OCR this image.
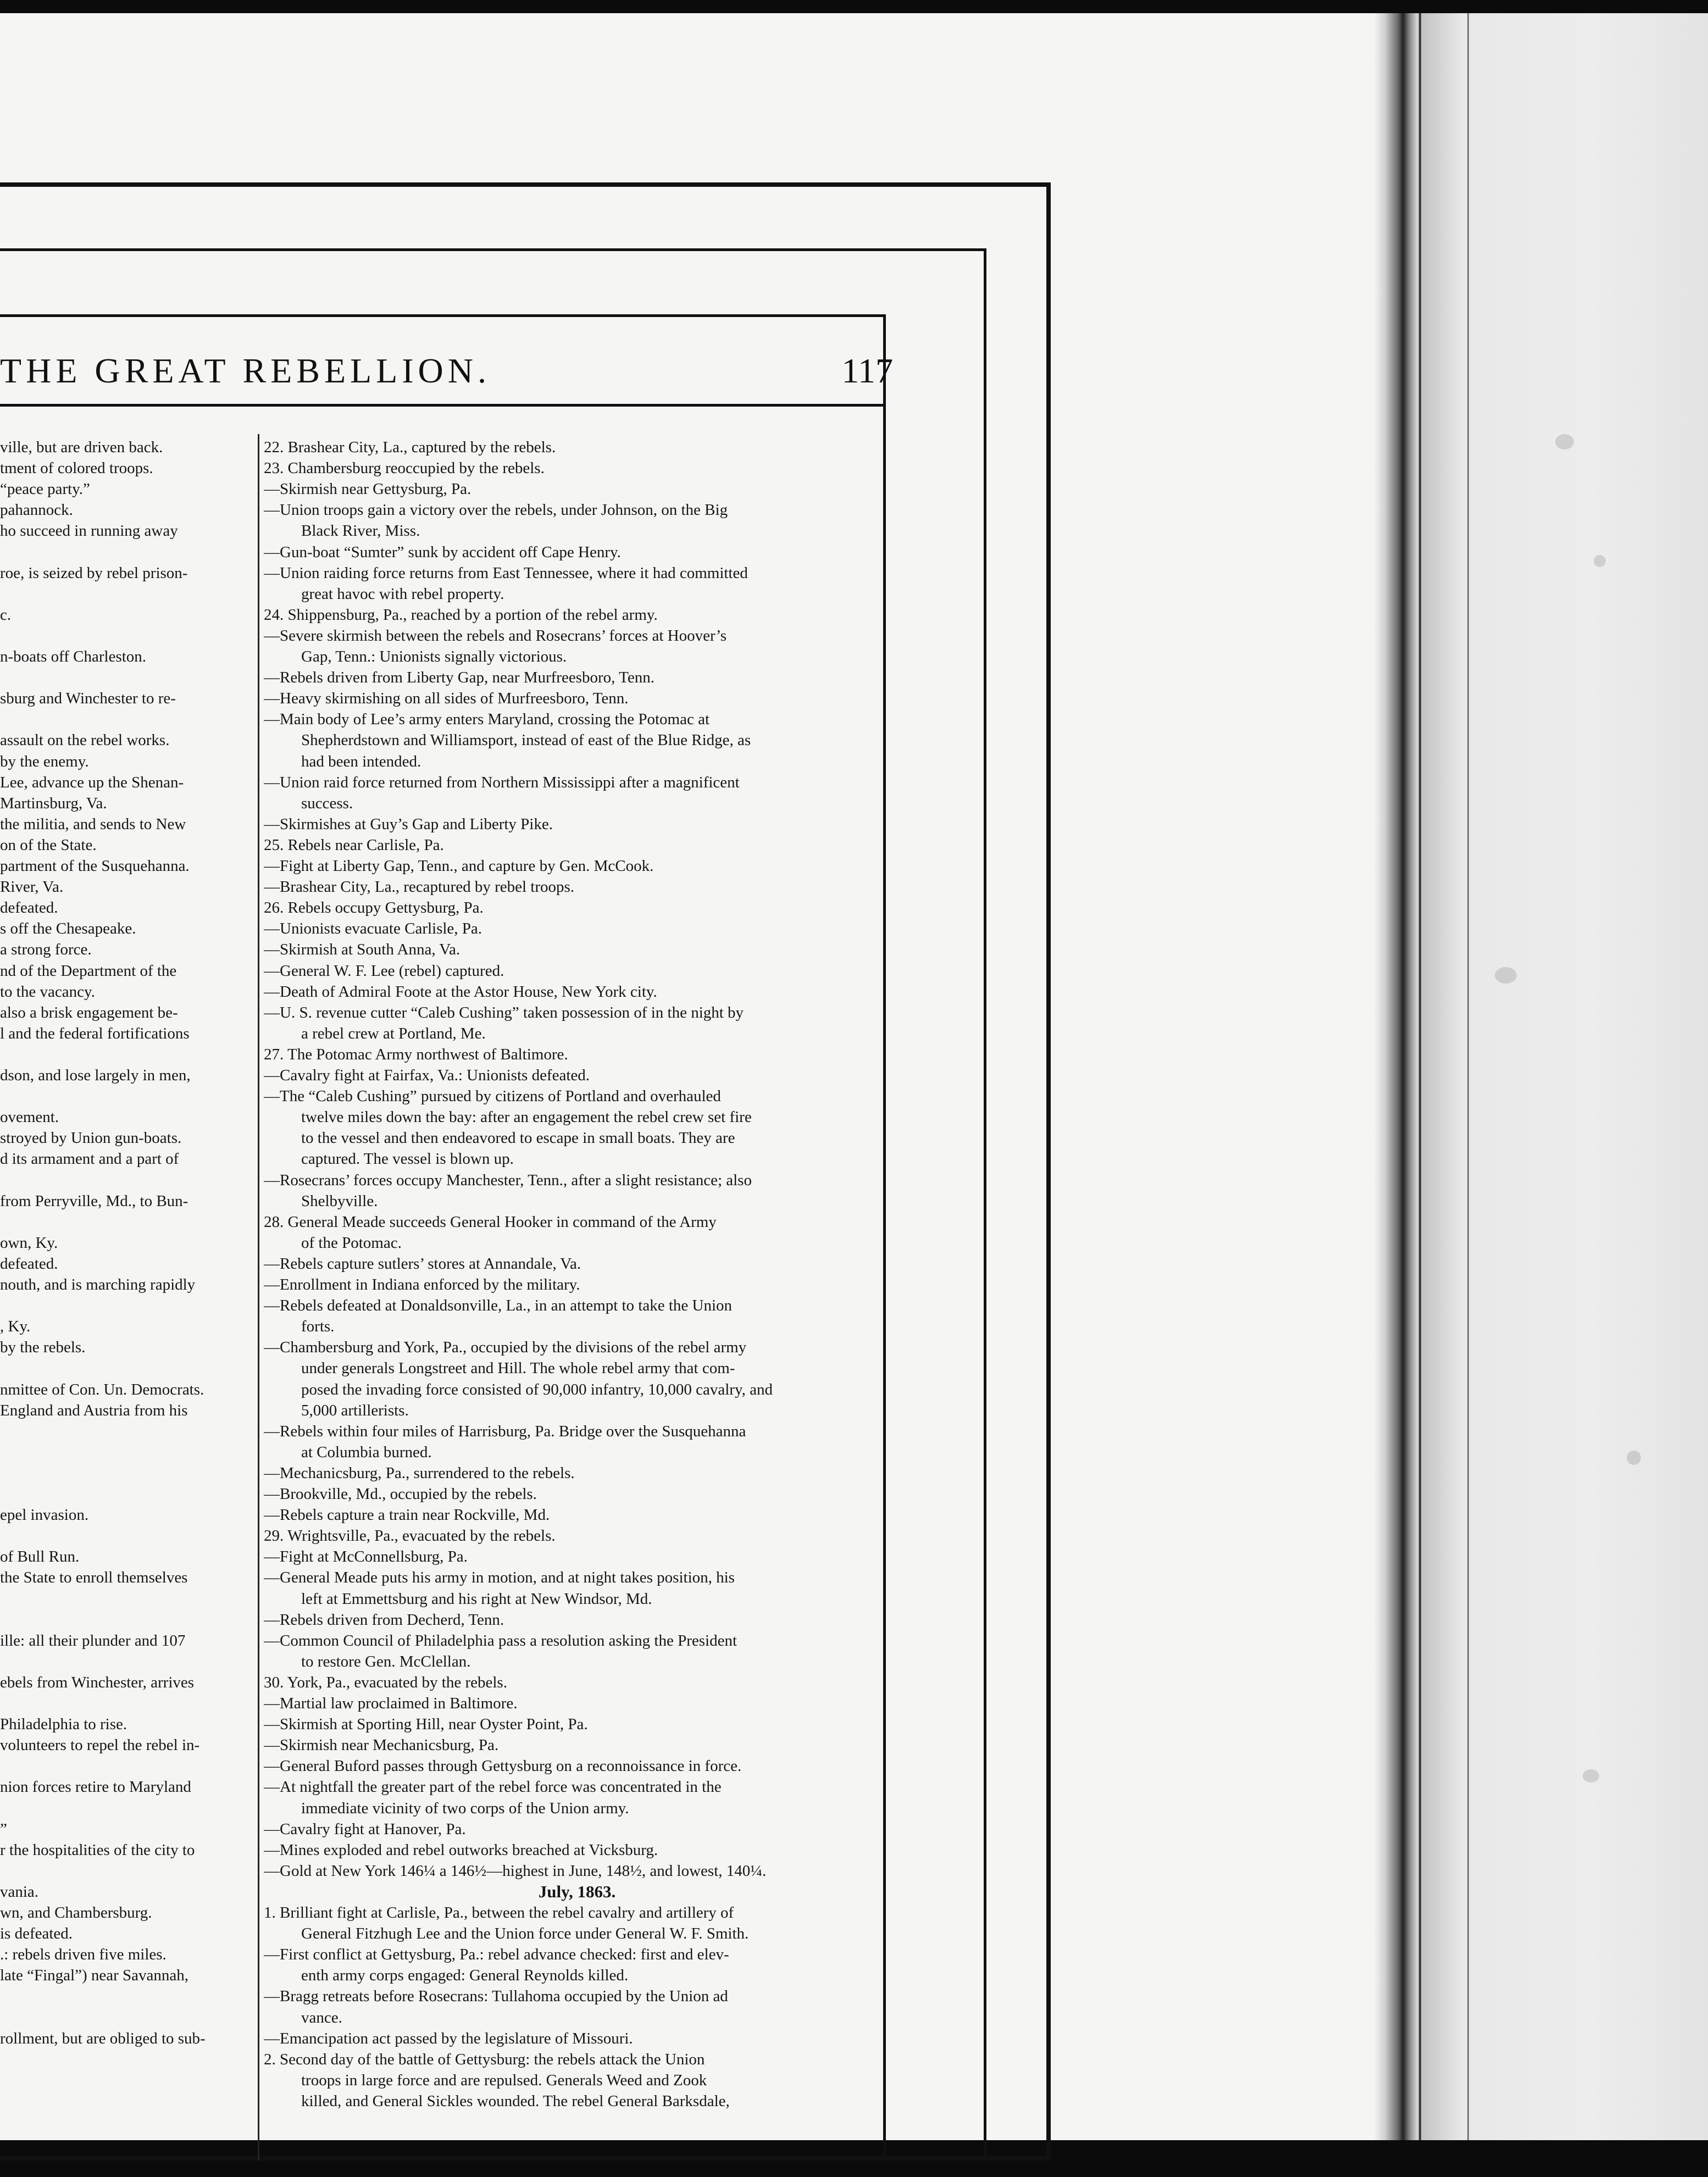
THE GREAT REBELLION.	117
ville, but are driven back.
tment of colored troops.
“peace party.”
pahannock.
ho succeed in running away
roe, is seized by rebel prison-
c.
n-boats off Charleston.
sburg and Winchester to re-
assault on the rebel works.
by the enemy.
Lee, advance up the Shenan-
Martinsburg, Va.
the militia, and sends to New
on of the State.
partment of the Susquehanna.
River, Va.
defeated.
s off the Chesapeake.
a strong force.
nd of the Department of the
to the vacancy.
also a brisk engagement be-
l and the federal fortifications
dson, and lose largely in men,
ovement.
stroyed by Union gun-boats.
d its armament and a part of
from Perryville, Md., to Bun-
own, Ky.
defeated.
nouth, and is marching rapidly
, Ky.
by the rebels.
nmittee of Con. Un. Democrats.
England and Austria from his
epel invasion.
of Bull Run.
the State to enroll themselves
ille: all their plunder and 107
ebels from Winchester, arrives
Philadelphia to rise.
volunteers to repel the rebel in-
nion forces retire to Maryland
”
r the hospitalities of the city to
vania.
wn, and Chambersburg.
is defeated.
.: rebels driven five miles.
late “Fingal”) near Savannah,
rollment, but are obliged to sub-
22. Brashear City, La., captured by the rebels.
23. Chambersburg reoccupied by the rebels.
—Skirmish near Gettysburg, Pa.
—Union troops gain a victory over the rebels, under Johnson, on the Big
Black River, Miss.
—Gun-boat “Sumter” sunk by accident off Cape Henry.
—Union raiding force returns from East Tennessee, where it had committed
great havoc with rebel property.
24. Shippensburg, Pa., reached by a portion of the rebel army.
—Severe skirmish between the rebels and Rosecrans’ forces at Hoover’s
Gap, Tenn.: Unionists signally victorious.
—Rebels driven from Liberty Gap, near Murfreesboro, Tenn.
—Heavy skirmishing on all sides of Murfreesboro, Tenn.
—Main body of Lee’s army enters Maryland, crossing the Potomac at
Shepherdstown and Williamsport, instead of east of the Blue Ridge, as
had been intended.
—Union raid force returned from Northern Mississippi after a magnificent
success.
—Skirmishes at Guy’s Gap and Liberty Pike.
25. Rebels near Carlisle, Pa.
—Fight at Liberty Gap, Tenn., and capture by Gen. McCook.
—Brashear City, La., recaptured by rebel troops.
26. Rebels occupy Gettysburg, Pa.
—Unionists evacuate Carlisle, Pa.
—Skirmish at South Anna, Va.
—General W. F. Lee (rebel) captured.
—Death of Admiral Foote at the Astor House, New York city.
—U. S. revenue cutter “Caleb Cushing” taken possession of in the night by
a rebel crew at Portland, Me.
27. The Potomac Army northwest of Baltimore.
—Cavalry fight at Fairfax, Va.: Unionists defeated.
—The “Caleb Cushing” pursued by citizens of Portland and overhauled
twelve miles down the bay: after an engagement the rebel crew set fire
to the vessel and then endeavored to escape in small boats. They are
captured. The vessel is blown up.
—Rosecrans’ forces occupy Manchester, Tenn., after a slight resistance; also
Shelbyville.
28. General Meade succeeds General Hooker in command of the Army
of the Potomac.
—Rebels capture sutlers’ stores at Annandale, Va.
—Enrollment in Indiana enforced by the military.
—Rebels defeated at Donaldsonville, La., in an attempt to take the Union
forts.
—Chambersburg and York, Pa., occupied by the divisions of the rebel army
under generals Longstreet and Hill. The whole rebel army that com-
posed the invading force consisted of 90,000 infantry, 10,000 cavalry, and
5,000 artillerists.
—Rebels within four miles of Harrisburg, Pa. Bridge over the Susquehanna
at Columbia burned.
—Mechanicsburg, Pa., surrendered to the rebels.
—Brookville, Md., occupied by the rebels.
—Rebels capture a train near Rockville, Md.
29. Wrightsville, Pa., evacuated by the rebels.
—Fight at McConnellsburg, Pa.
—General Meade puts his army in motion, and at night takes position, his
left at Emmettsburg and his right at New Windsor, Md.
—Rebels driven from Decherd, Tenn.
—Common Council of Philadelphia pass a resolution asking the President
to restore Gen. McClellan.
30. York, Pa., evacuated by the rebels.
—Martial law proclaimed in Baltimore.
—Skirmish at Sporting Hill, near Oyster Point, Pa.
—Skirmish near Mechanicsburg, Pa.
—General Buford passes through Gettysburg on a reconnoissance in force.
—At nightfall the greater part of the rebel force was concentrated in the
immediate vicinity of two corps of the Union army.
—Cavalry fight at Hanover, Pa.
—Mines exploded and rebel outworks breached at Vicksburg.
—Gold at New York 146¼ a 146½—highest in June, 148½, and lowest, 140¼.
July, 1863.
1. Brilliant fight at Carlisle, Pa., between the rebel cavalry and artillery of
General Fitzhugh Lee and the Union force under General W. F. Smith.
—First conflict at Gettysburg, Pa.: rebel advance checked: first and elev-
enth army corps engaged: General Reynolds killed.
—Bragg retreats before Rosecrans: Tullahoma occupied by the Union ad
vance.
—Emancipation act passed by the legislature of Missouri.
2. Second day of the battle of Gettysburg: the rebels attack the Union
troops in large force and are repulsed. Generals Weed and Zook
killed, and General Sickles wounded. The rebel General Barksdale,
